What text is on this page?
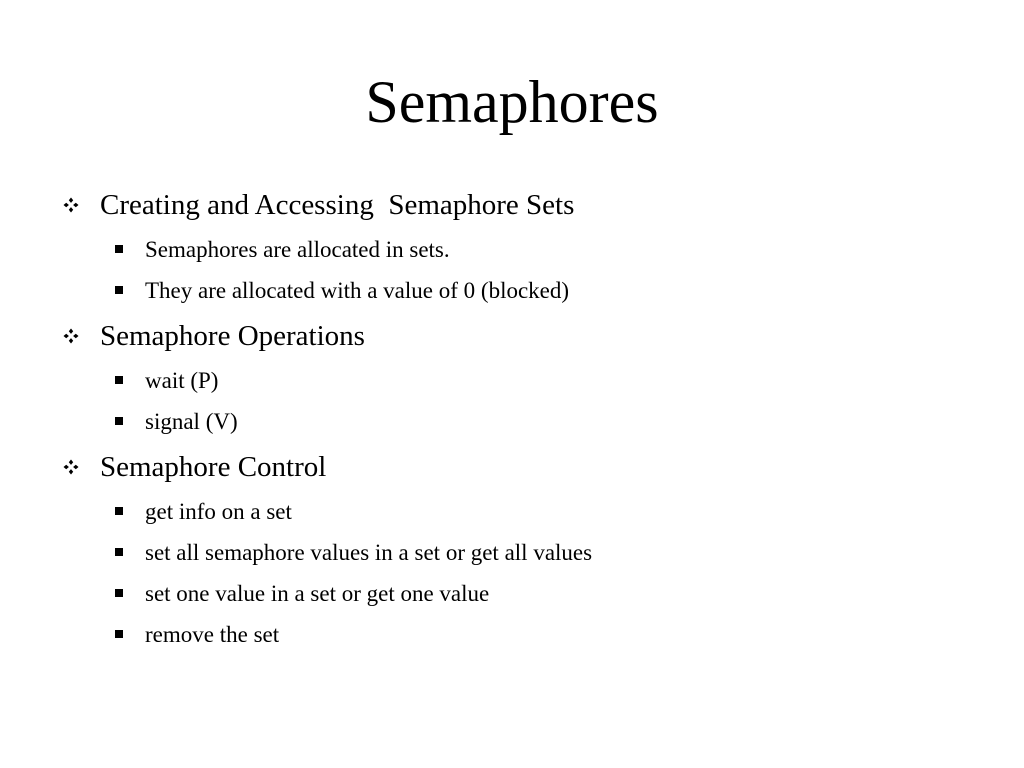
Semaphores
Creating and Accessing  Semaphore Sets
Semaphores are allocated in sets.
They are allocated with a value of 0 (blocked)
Semaphore Operations
wait (P)
signal (V)
Semaphore Control
get info on a set
set all semaphore values in a set or get all values
set one value in a set or get one value
remove the set
